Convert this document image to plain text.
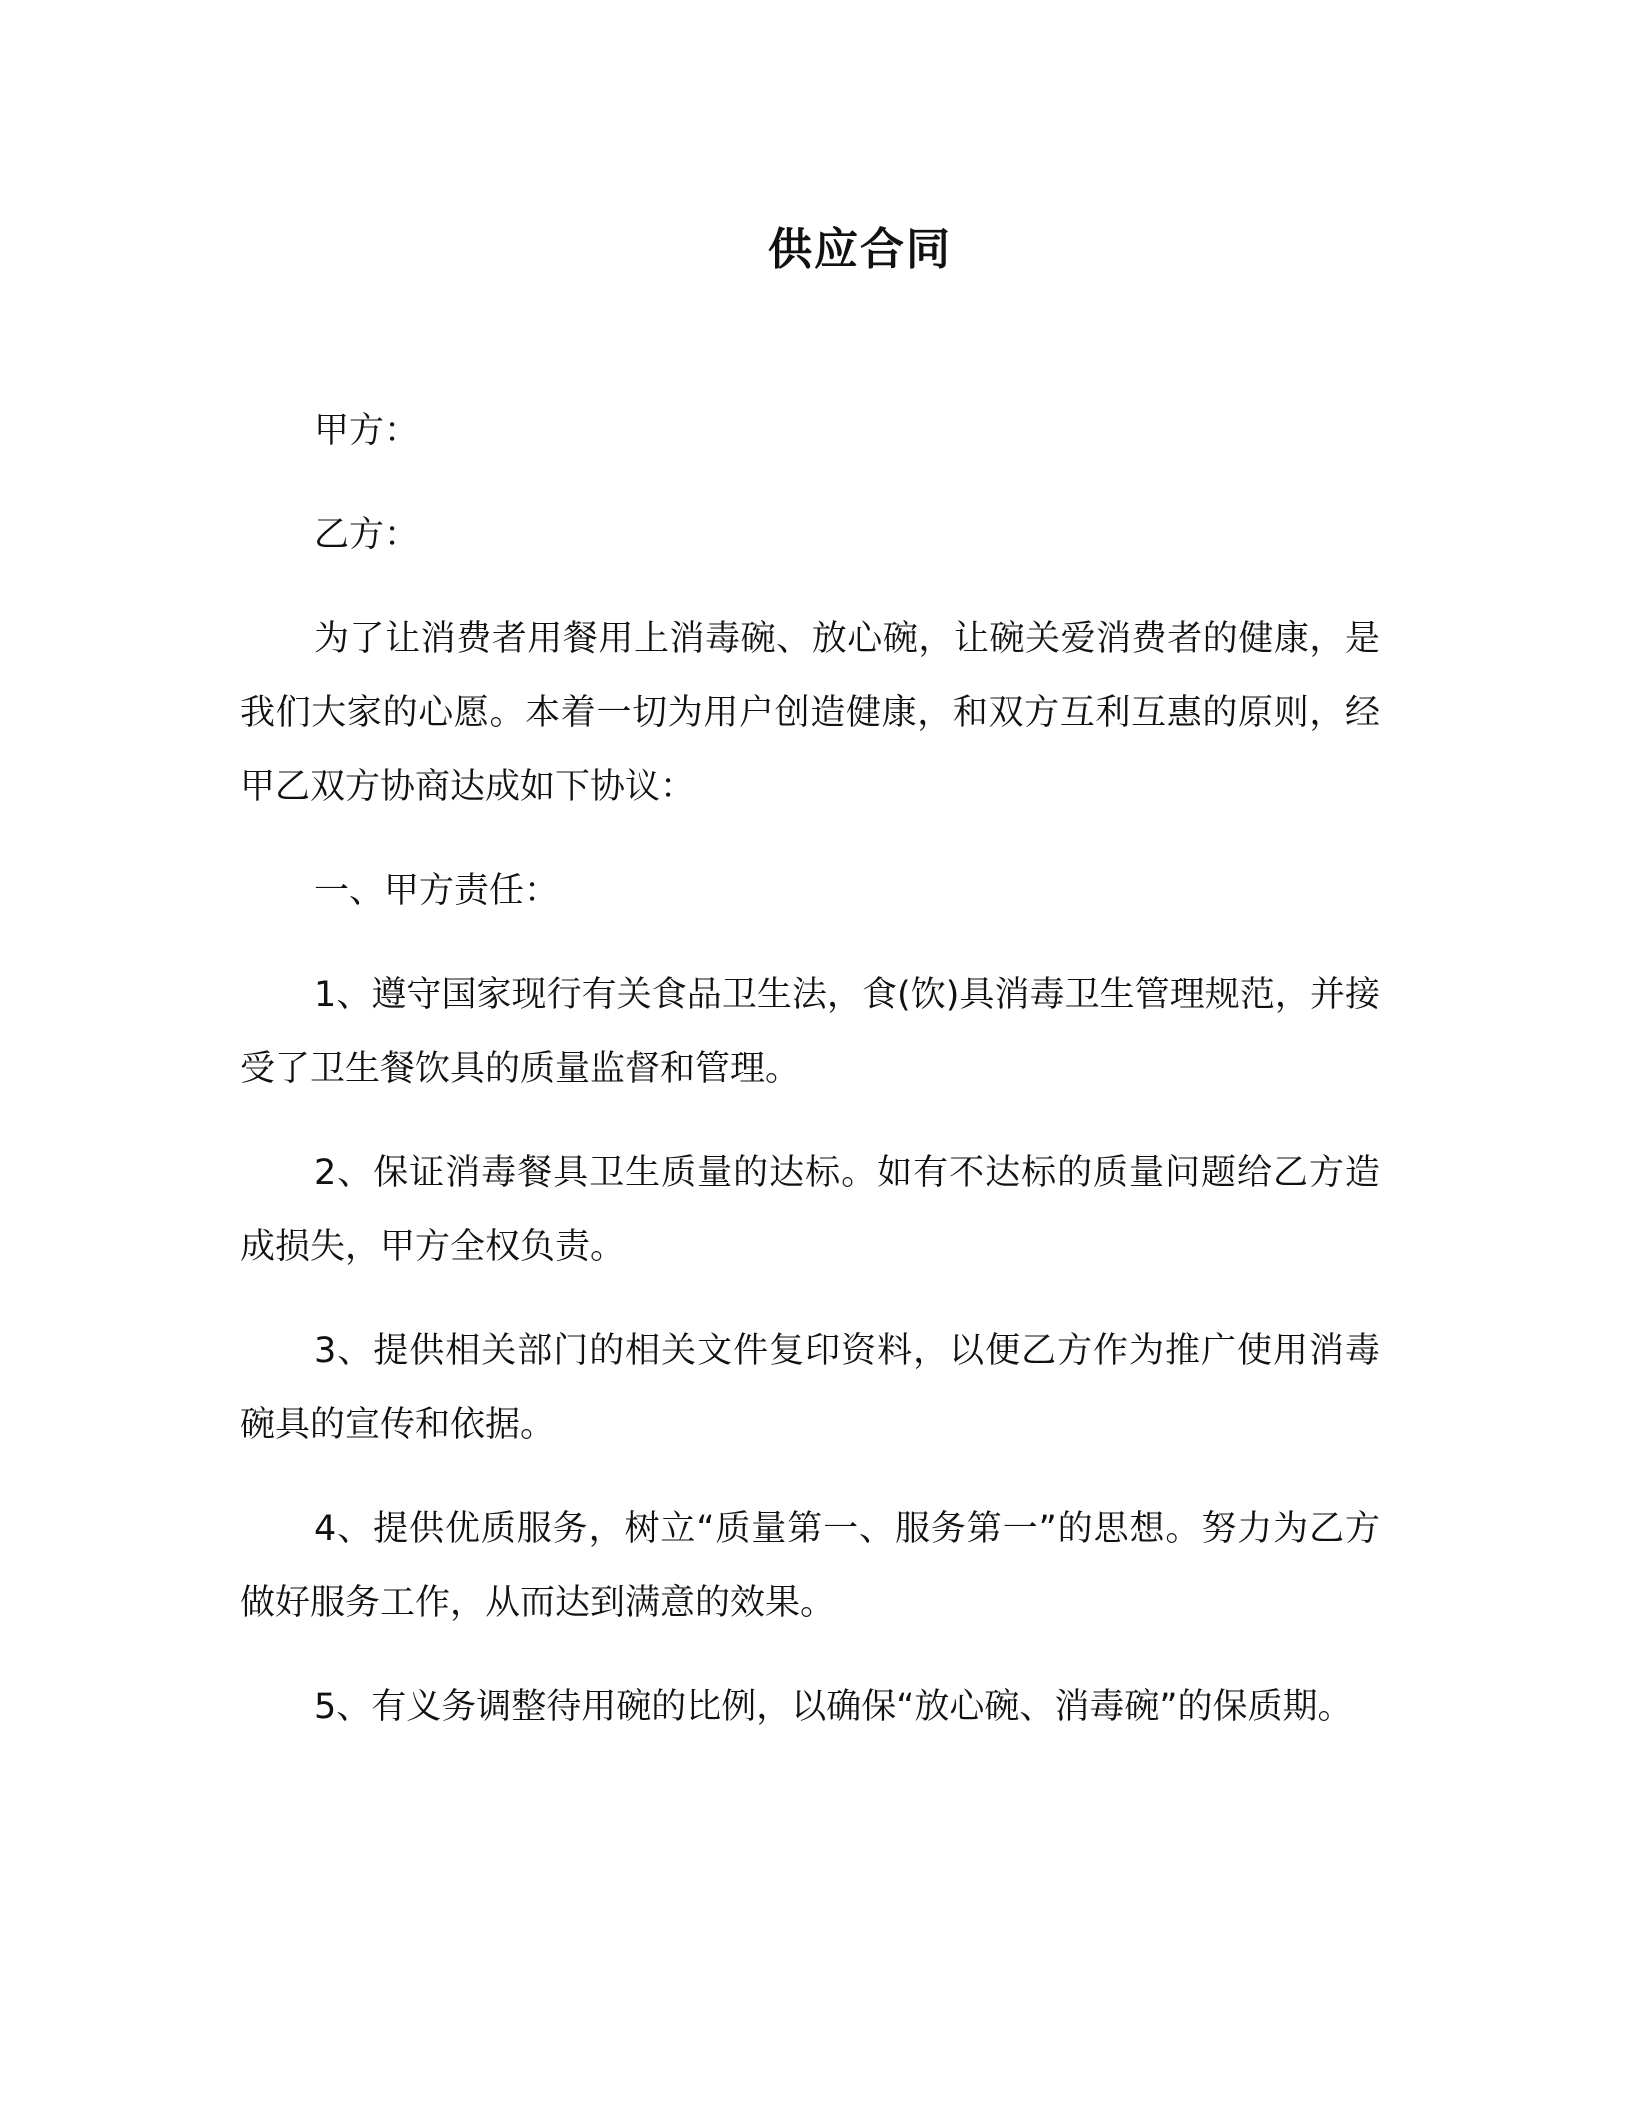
供应合同

甲方：

乙方：

为了让消费者用餐用上消毒碗、放心碗，让碗关爱消费者的健康，是我们大家的心愿。本着一切为用户创造健康，和双方互利互惠的原则，经甲乙双方协商达成如下协议：

一、甲方责任：

1、遵守国家现行有关食品卫生法，食(饮)具消毒卫生管理规范，并接受了卫生餐饮具的质量监督和管理。

2、保证消毒餐具卫生质量的达标。如有不达标的质量问题给乙方造成损失，甲方全权负责。

3、提供相关部门的相关文件复印资料，以便乙方作为推广使用消毒碗具的宣传和依据。

4、提供优质服务，树立“质量第一、服务第一”的思想。努力为乙方做好服务工作，从而达到满意的效果。

5、有义务调整待用碗的比例，以确保“放心碗、消毒碗”的保质期。
